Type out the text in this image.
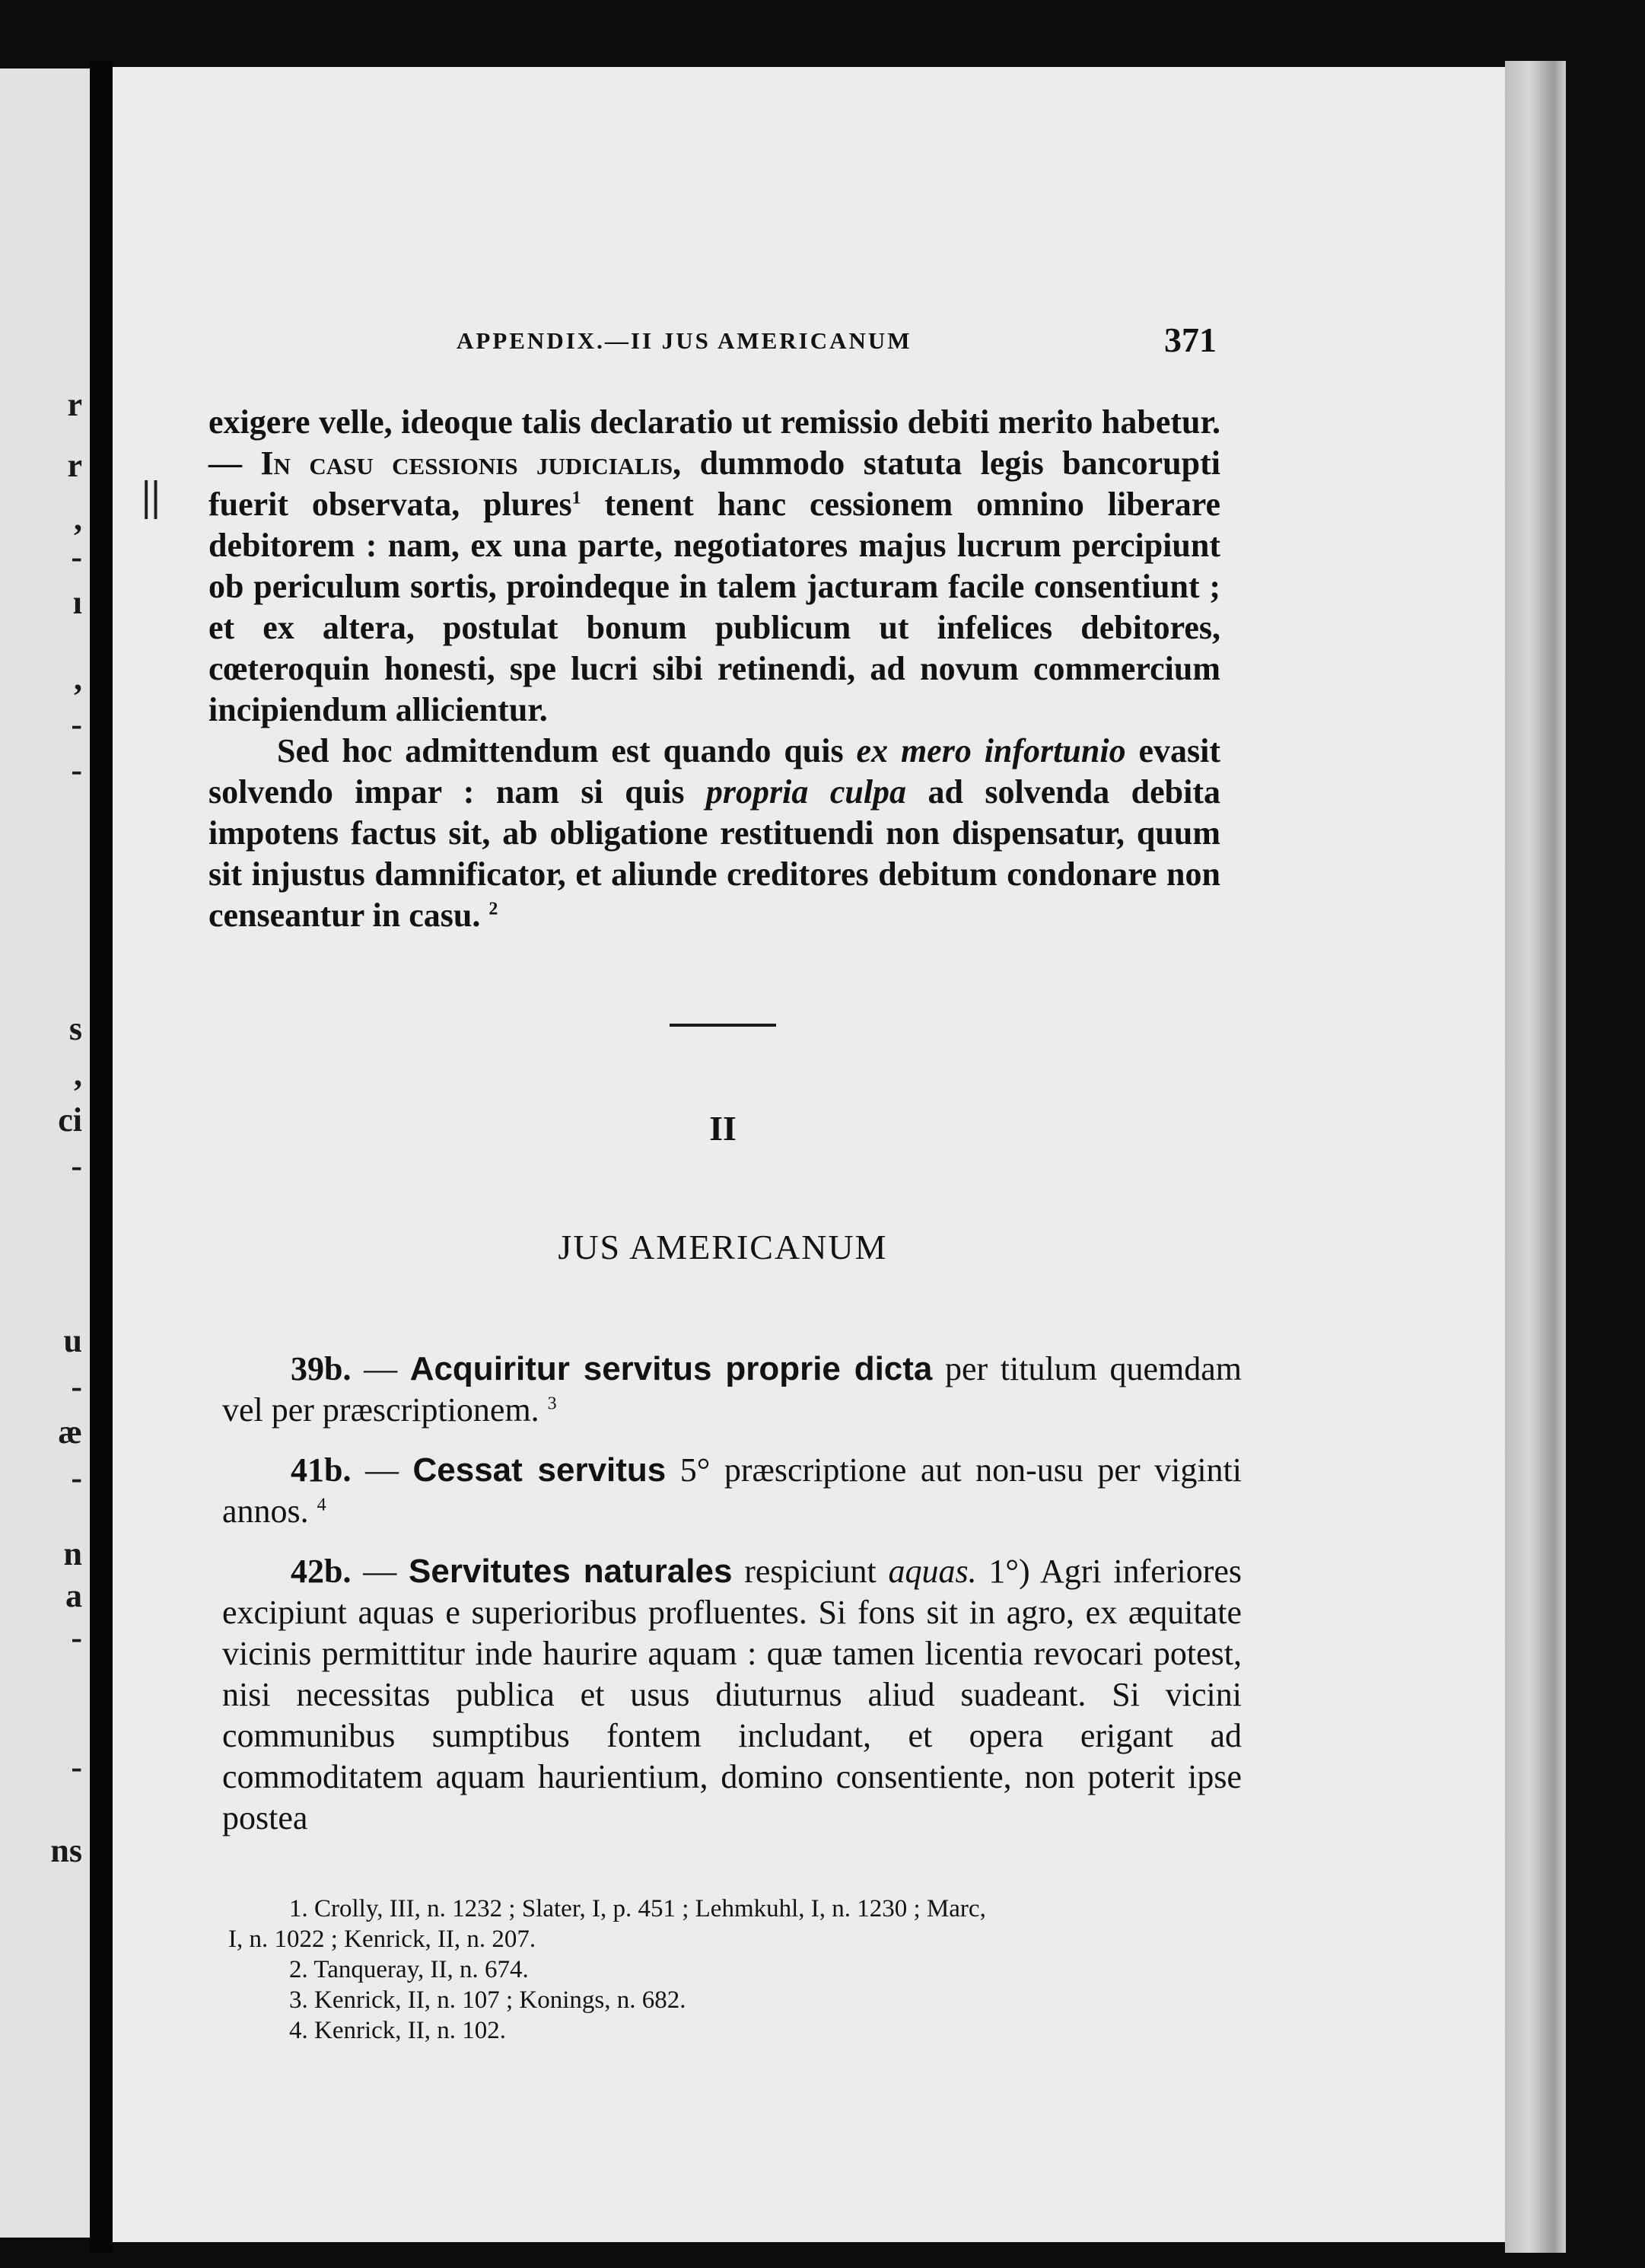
r
r
,
-
ı
,
-
-
s
,
ci
-
u
-
æ
-
n
a
-
-
ns
APPENDIX.—II JUS AMERICANUM	371
||
exigere velle, ideoque talis declaratio ut remissio debiti merito habetur. — In casu cessionis judicialis, dummodo statuta legis bancorupti fuerit observata, plures$^1$ tenent hanc cessionem omnino liberare debitorem : nam, ex una parte, negotiatores majus lucrum percipiunt ob periculum sortis, proindeque in talem jacturam facile consentiunt ; et ex altera, postulat bonum publicum ut infelices debitores, cœteroquin honesti, spe lucri sibi retinendi, ad novum commercium incipiendum allicientur.
Sed hoc admittendum est quando quis ex mero infortunio evasit solvendo impar : nam si quis propria culpa ad solvenda debita impotens factus sit, ab obligatione restituendi non dispensatur, quum sit injustus damnificator, et aliunde creditores debitum condonare non censeantur in casu. $^2$
II
JUS AMERICANUM
39b. — Acquiritur servitus proprie dicta per titulum quemdam vel per præscriptionem. $^3$
41b. — Cessat servitus 5° præscriptione aut non-usu per viginti annos. $^4$
42b. — Servitutes naturales respiciunt aquas. 1°) Agri inferiores excipiunt aquas e superioribus profluentes. Si fons sit in agro, ex æquitate vicinis permittitur inde haurire aquam : quæ tamen licentia revocari potest, nisi necessitas publica et usus diuturnus aliud suadeant. Si vicini communibus sumptibus fontem includant, et opera erigant ad commoditatem aquam haurientium, domino consentiente, non poterit ipse postea
1. Crolly, III, n. 1232 ; Slater, I, p. 451 ; Lehmkuhl, I, n. 1230 ; Marc,
I, n. 1022 ; Kenrick, II, n. 207.
2. Tanqueray, II, n. 674.
3. Kenrick, II, n. 107 ; Konings, n. 682.
4. Kenrick, II, n. 102.
